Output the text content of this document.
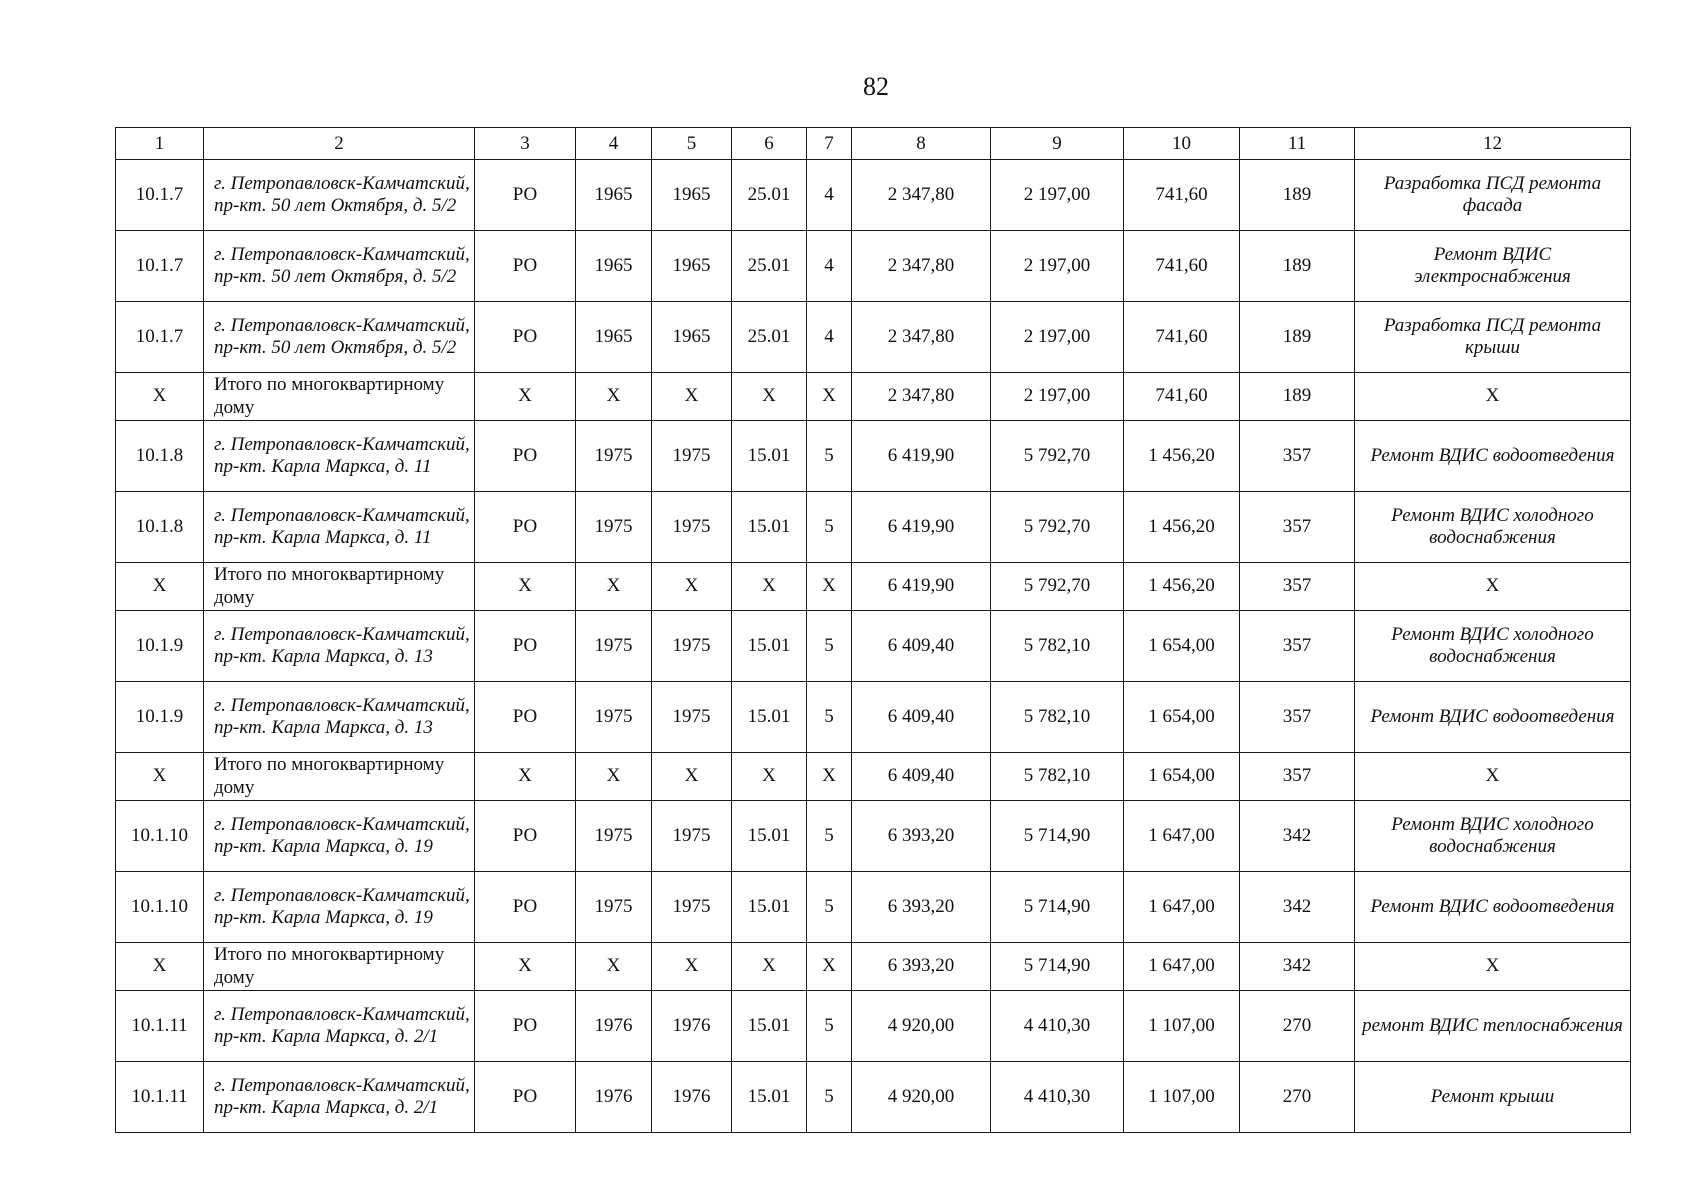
82
1	2	3	4	5	6	7	8	9	10	11	12
10.1.7	г. Петропавловск-Камчатский, пр-кт. 50 лет Октября, д. 5/2	РО	1965	1965	25.01	4	2 347,80	2 197,00	741,60	189	Разработка ПСД ремонта фасада
10.1.7	г. Петропавловск-Камчатский, пр-кт. 50 лет Октября, д. 5/2	РО	1965	1965	25.01	4	2 347,80	2 197,00	741,60	189	Ремонт ВДИС электроснабжения
10.1.7	г. Петропавловск-Камчатский, пр-кт. 50 лет Октября, д. 5/2	РО	1965	1965	25.01	4	2 347,80	2 197,00	741,60	189	Разработка ПСД ремонта крыши
X	Итого по многоквартирному дому	X	X	X	X	X	2 347,80	2 197,00	741,60	189	X
10.1.8	г. Петропавловск-Камчатский, пр-кт. Карла Маркса, д. 11	РО	1975	1975	15.01	5	6 419,90	5 792,70	1 456,20	357	Ремонт ВДИС водоотведения
10.1.8	г. Петропавловск-Камчатский, пр-кт. Карла Маркса, д. 11	РО	1975	1975	15.01	5	6 419,90	5 792,70	1 456,20	357	Ремонт ВДИС холодного водоснабжения
X	Итого по многоквартирному дому	X	X	X	X	X	6 419,90	5 792,70	1 456,20	357	X
10.1.9	г. Петропавловск-Камчатский, пр-кт. Карла Маркса, д. 13	РО	1975	1975	15.01	5	6 409,40	5 782,10	1 654,00	357	Ремонт ВДИС холодного водоснабжения
10.1.9	г. Петропавловск-Камчатский, пр-кт. Карла Маркса, д. 13	РО	1975	1975	15.01	5	6 409,40	5 782,10	1 654,00	357	Ремонт ВДИС водоотведения
X	Итого по многоквартирному дому	X	X	X	X	X	6 409,40	5 782,10	1 654,00	357	X
10.1.10	г. Петропавловск-Камчатский, пр-кт. Карла Маркса, д. 19	РО	1975	1975	15.01	5	6 393,20	5 714,90	1 647,00	342	Ремонт ВДИС холодного водоснабжения
10.1.10	г. Петропавловск-Камчатский, пр-кт. Карла Маркса, д. 19	РО	1975	1975	15.01	5	6 393,20	5 714,90	1 647,00	342	Ремонт ВДИС водоотведения
X	Итого по многоквартирному дому	X	X	X	X	X	6 393,20	5 714,90	1 647,00	342	X
10.1.11	г. Петропавловск-Камчатский, пр-кт. Карла Маркса, д. 2/1	РО	1976	1976	15.01	5	4 920,00	4 410,30	1 107,00	270	ремонт ВДИС теплоснабжения
10.1.11	г. Петропавловск-Камчатский, пр-кт. Карла Маркса, д. 2/1	РО	1976	1976	15.01	5	4 920,00	4 410,30	1 107,00	270	Ремонт крыши
